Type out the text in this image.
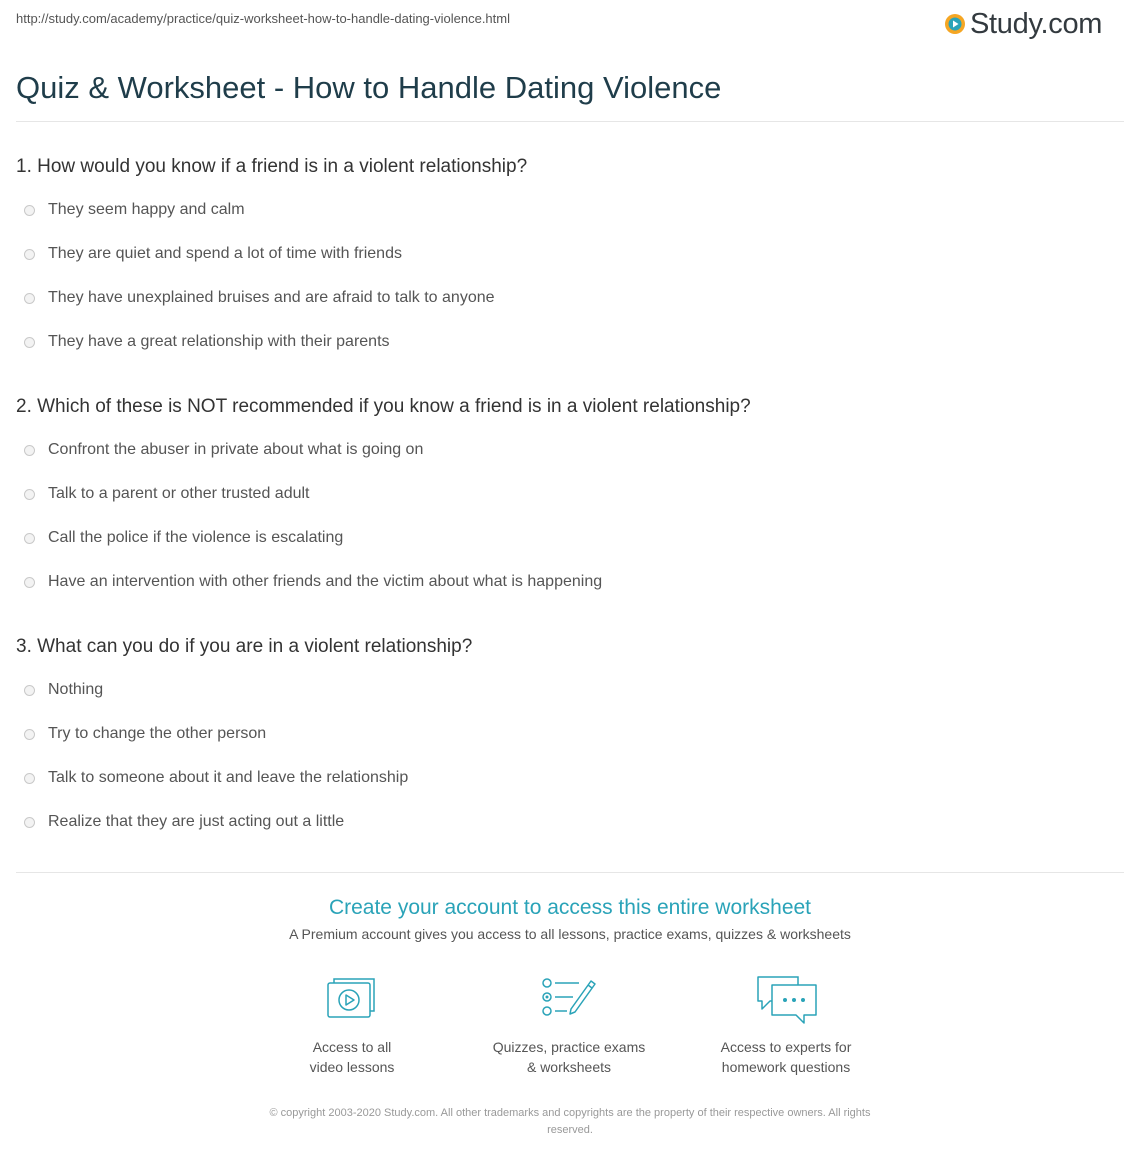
http://study.com/academy/practice/quiz-worksheet-how-to-handle-dating-violence.html	Study.com
Quiz & Worksheet - How to Handle Dating Violence
1. How would you know if a friend is in a violent relationship?
They seem happy and calm
They are quiet and spend a lot of time with friends
They have unexplained bruises and are afraid to talk to anyone
They have a great relationship with their parents
2. Which of these is NOT recommended if you know a friend is in a violent relationship?
Confront the abuser in private about what is going on
Talk to a parent or other trusted adult
Call the police if the violence is escalating
Have an intervention with other friends and the victim about what is happening
3. What can you do if you are in a violent relationship?
Nothing
Try to change the other person
Talk to someone about it and leave the relationship
Realize that they are just acting out a little
Create your account to access this entire worksheet
A Premium account gives you access to all lessons, practice exams, quizzes & worksheets
Access to all
video lessons
Quizzes, practice exams
& worksheets
Access to experts for
homework questions
© copyright 2003-2020 Study.com. All other trademarks and copyrights are the property of their respective owners. All rights
reserved.
